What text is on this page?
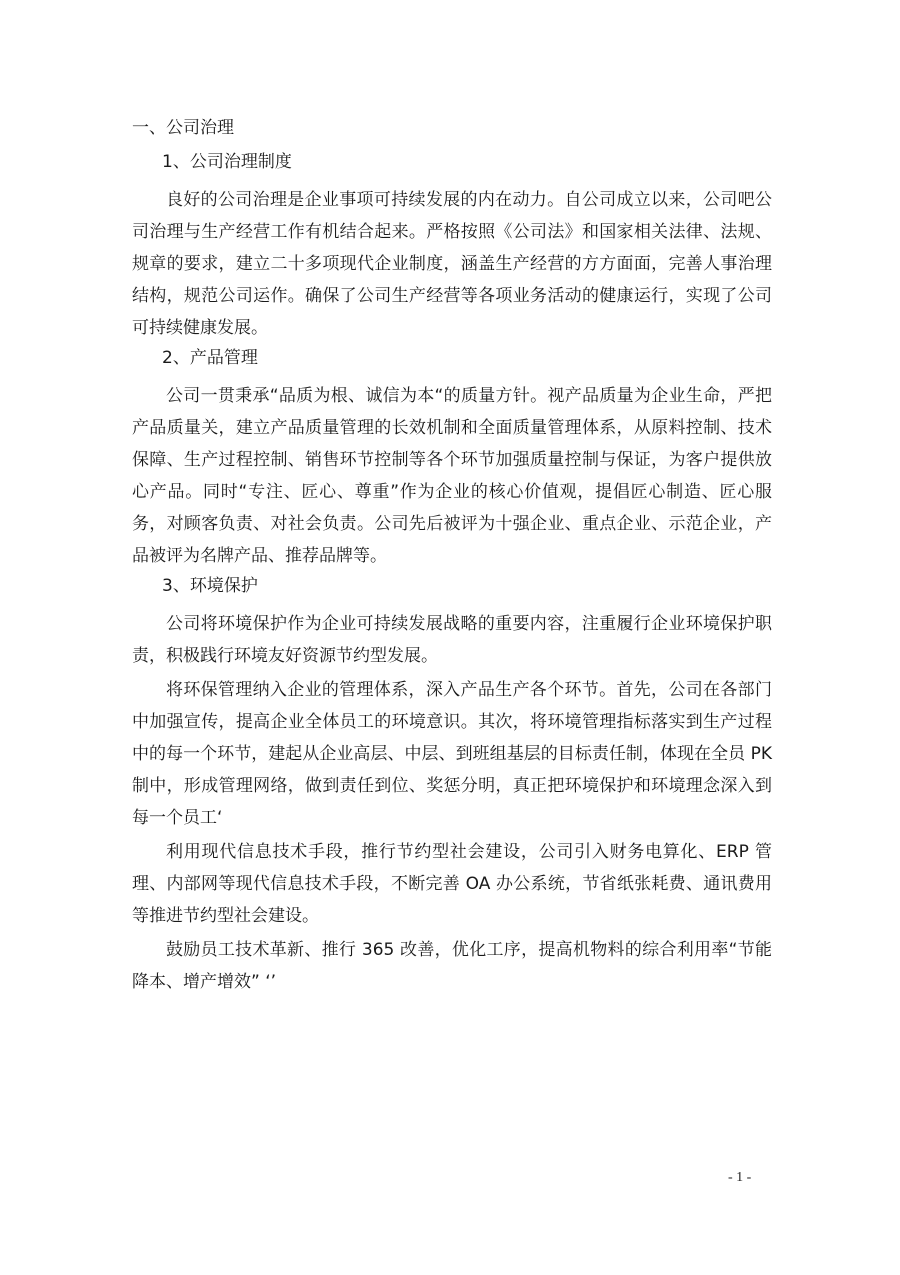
一、公司治理
1、公司治理制度

良好的公司治理是企业事项可持续发展的内在动力。自公司成立以来，公司吧公司治理与生产经营工作有机结合起来。严格按照《公司法》和国家相关法律、法规、规章的要求，建立二十多项现代企业制度，涵盖生产经营的方方面面，完善人事治理结构，规范公司运作。确保了公司生产经营等各项业务活动的健康运行，实现了公司可持续健康发展。

2、产品管理

公司一贯秉承“品质为根、诚信为本“的质量方针。视产品质量为企业生命，严把产品质量关，建立产品质量管理的长效机制和全面质量管理体系，从原料控制、技术保障、生产过程控制、销售环节控制等各个环节加强质量控制与保证，为客户提供放心产品。同时“专注、匠心、尊重”作为企业的核心价值观，提倡匠心制造、匠心服务，对顾客负责、对社会负责。公司先后被评为十强企业、重点企业、示范企业，产品被评为名牌产品、推荐品牌等。

3、环境保护

公司将环境保护作为企业可持续发展战略的重要内容，注重履行企业环境保护职责，积极践行环境友好资源节约型发展。

将环保管理纳入企业的管理体系，深入产品生产各个环节。首先，公司在各部门中加强宣传，提高企业全体员工的环境意识。其次，将环境管理指标落实到生产过程中的每一个环节，建起从企业高层、中层、到班组基层的目标责任制，体现在全员 PK 制中，形成管理网络，做到责任到位、奖惩分明，真正把环境保护和环境理念深入到每一个员工‘

利用现代信息技术手段，推行节约型社会建设，公司引入财务电算化、ERP 管理、内部网等现代信息技术手段，不断完善 OA 办公系统，节省纸张耗费、通讯费用等推进节约型社会建设。

鼓励员工技术革新、推行 365 改善，优化工序，提高机物料的综合利用率“节能降本、增产增效” ‘’

- 1 -
